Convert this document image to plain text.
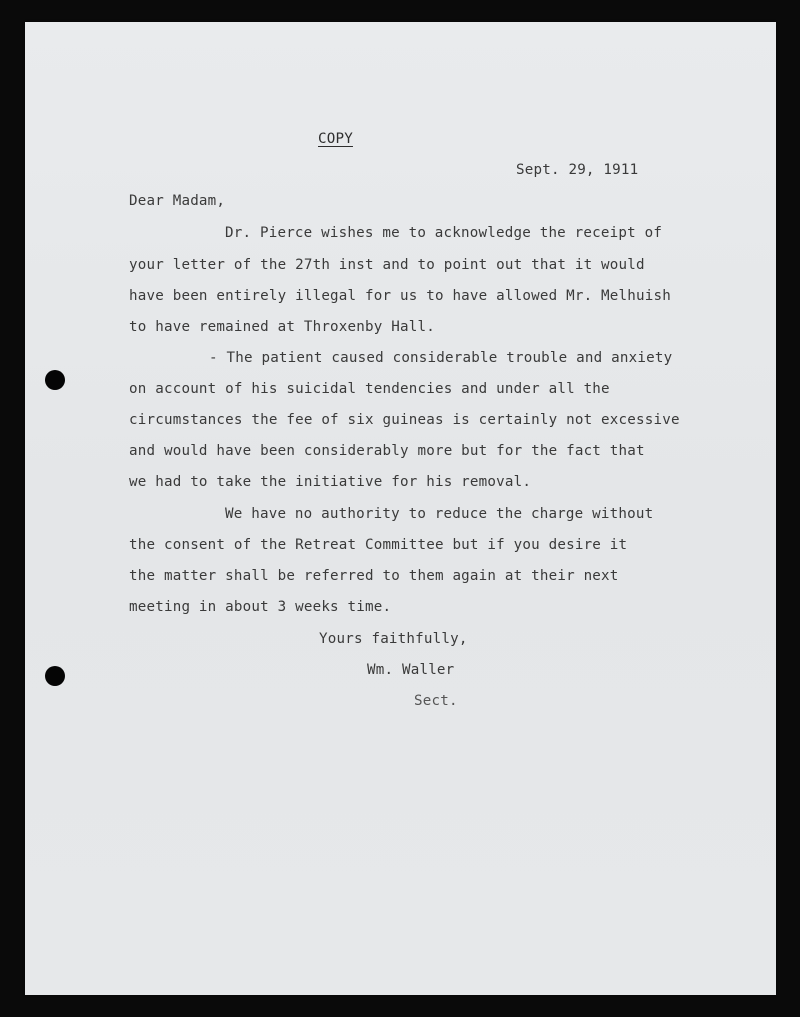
COPY
Sept. 29, 1911
Dear Madam,
Dr. Pierce wishes me to acknowledge the receipt of
your letter of the 27th inst and to point out that it would
have been entirely illegal for us to have allowed Mr. Melhuish
to have remained at Throxenby Hall.
- The patient caused considerable trouble and anxiety
on account of his suicidal tendencies and under all the
circumstances the fee of six guineas is certainly not excessive
and would have been considerably more but for the fact that
we had to take the initiative for his removal.
We have no authority to reduce the charge without
the consent of the Retreat Committee but if you desire it
the matter shall be referred to them again at their next
meeting in about 3 weeks time.
Yours faithfully,
Wm. Waller
Sect.
